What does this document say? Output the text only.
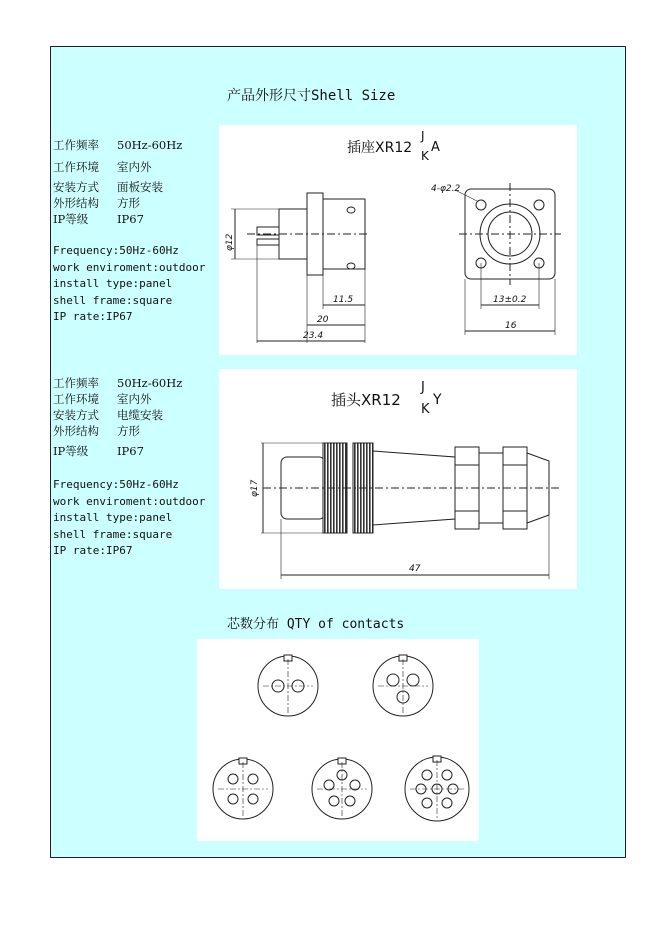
产品外形尺寸Shell Size
工作频率 50Hz-60Hz
工作环境 室内外
安装方式 面板安装
外形结构 方形
IP等级 IP67
Frequency:50Hz-60Hz
work enviroment:outdoor
install type:panel
shell frame:square
IP rate:IP67
工作频率 50Hz-60Hz
工作环境 室内外
安装方式 电缆安装
外形结构 方形
IP等级 IP67
Frequency:50Hz-60Hz
work enviroment:outdoor
install type:panel
shell frame:square
IP rate:IP67
插座XR12
J
K
A
4-φ2.2
φ12
11.5
20
23.4
13±0.2
16
插头XR12
J
K
Y
φ17
47
芯数分布 QTY of contacts
